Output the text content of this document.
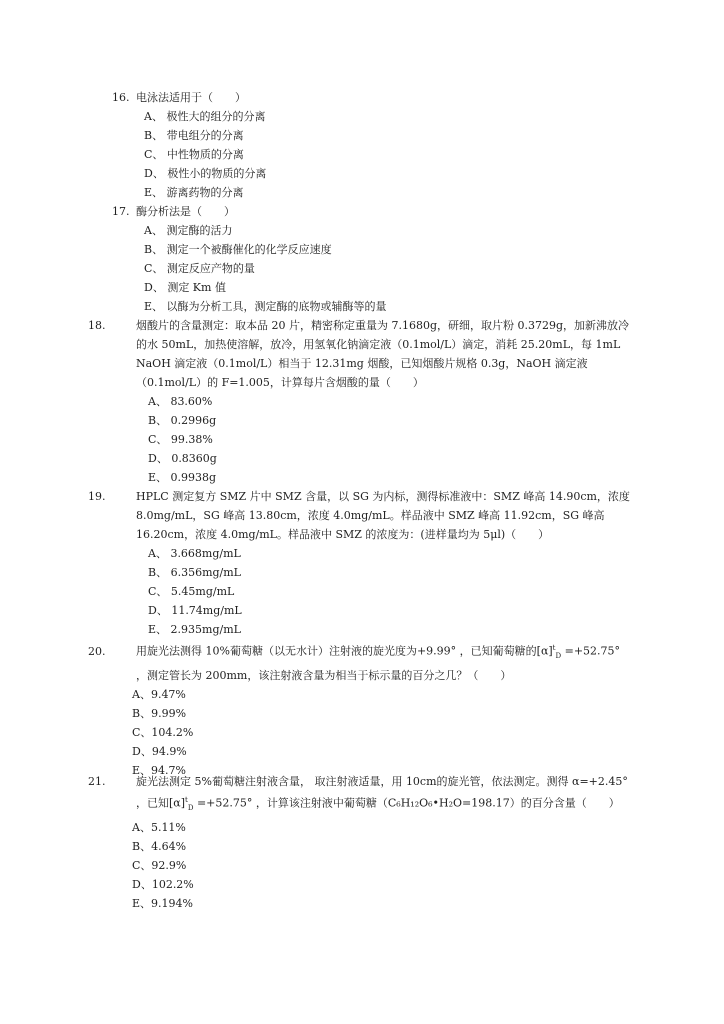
16. 电泳法适用于（　　）
A、 极性大的组分的分离
B、 带电组分的分离
C、 中性物质的分离
D、 极性小的物质的分离
E、 游离药物的分离
17. 酶分析法是（　　）
A、 测定酶的活力
B、 测定一个被酶催化的化学反应速度
C、 测定反应产物的量
D、 测定 Km 值
E、 以酶为分析工具，测定酶的底物或辅酶等的量
18.	烟酸片的含量测定：取本品 20 片，精密称定重量为 7.1680g，研细，取片粉 0.3729g，加新沸放冷的水 50mL，加热使溶解，放冷，用氢氧化钠滴定液（0.1mol/L）滴定，消耗 25.20mL，每 1mL NaOH 滴定液（0.1mol/L）相当于 12.31mg 烟酸，已知烟酸片规格 0.3g，NaOH 滴定液（0.1mol/L）的 F=1.005，计算每片含烟酸的量（　　）
A、 83.60%
B、 0.2996g
C、 99.38%
D、 0.8360g
E、 0.9938g
19.	HPLC 测定复方 SMZ 片中 SMZ 含量，以 SG 为内标，测得标准液中：SMZ 峰高 14.90cm，浓度 8.0mg/mL，SG 峰高 13.80cm，浓度 4.0mg/mL。样品液中 SMZ 峰高 11.92cm，SG 峰高 16.20cm，浓度 4.0mg/mL。样品液中 SMZ 的浓度为：(进样量均为 5μl)（　　）
A、 3.668mg/mL
B、 6.356mg/mL
C、 5.45mg/mL
D、 11.74mg/mL
E、 2.935mg/mL
20.	用旋光法测得 10%葡萄糖（以无水计）注射液的旋光度为+9.99° ，已知葡萄糖的$[\alpha]^t_D =+52.75^\circ$ ，测定管长为 200mm，该注射液含量为相当于标示量的百分之几？（　　）
A、9.47%
B、9.99%
C、104.2%
D、94.9%
E、94.7%
21.	旋光法测定 5%葡萄糖注射液含量， 取注射液适量，用 10cm的旋光管，依法测定。测得 α=+2.45° ，已知$[\alpha]^t_D =+52.75^\circ$ ，计算该注射液中葡萄糖（C₆H₁₂O₆•H₂O=198.17）的百分含量（　　）
A、5.11%
B、4.64%
C、92.9%
D、102.2%
E、9.194%
